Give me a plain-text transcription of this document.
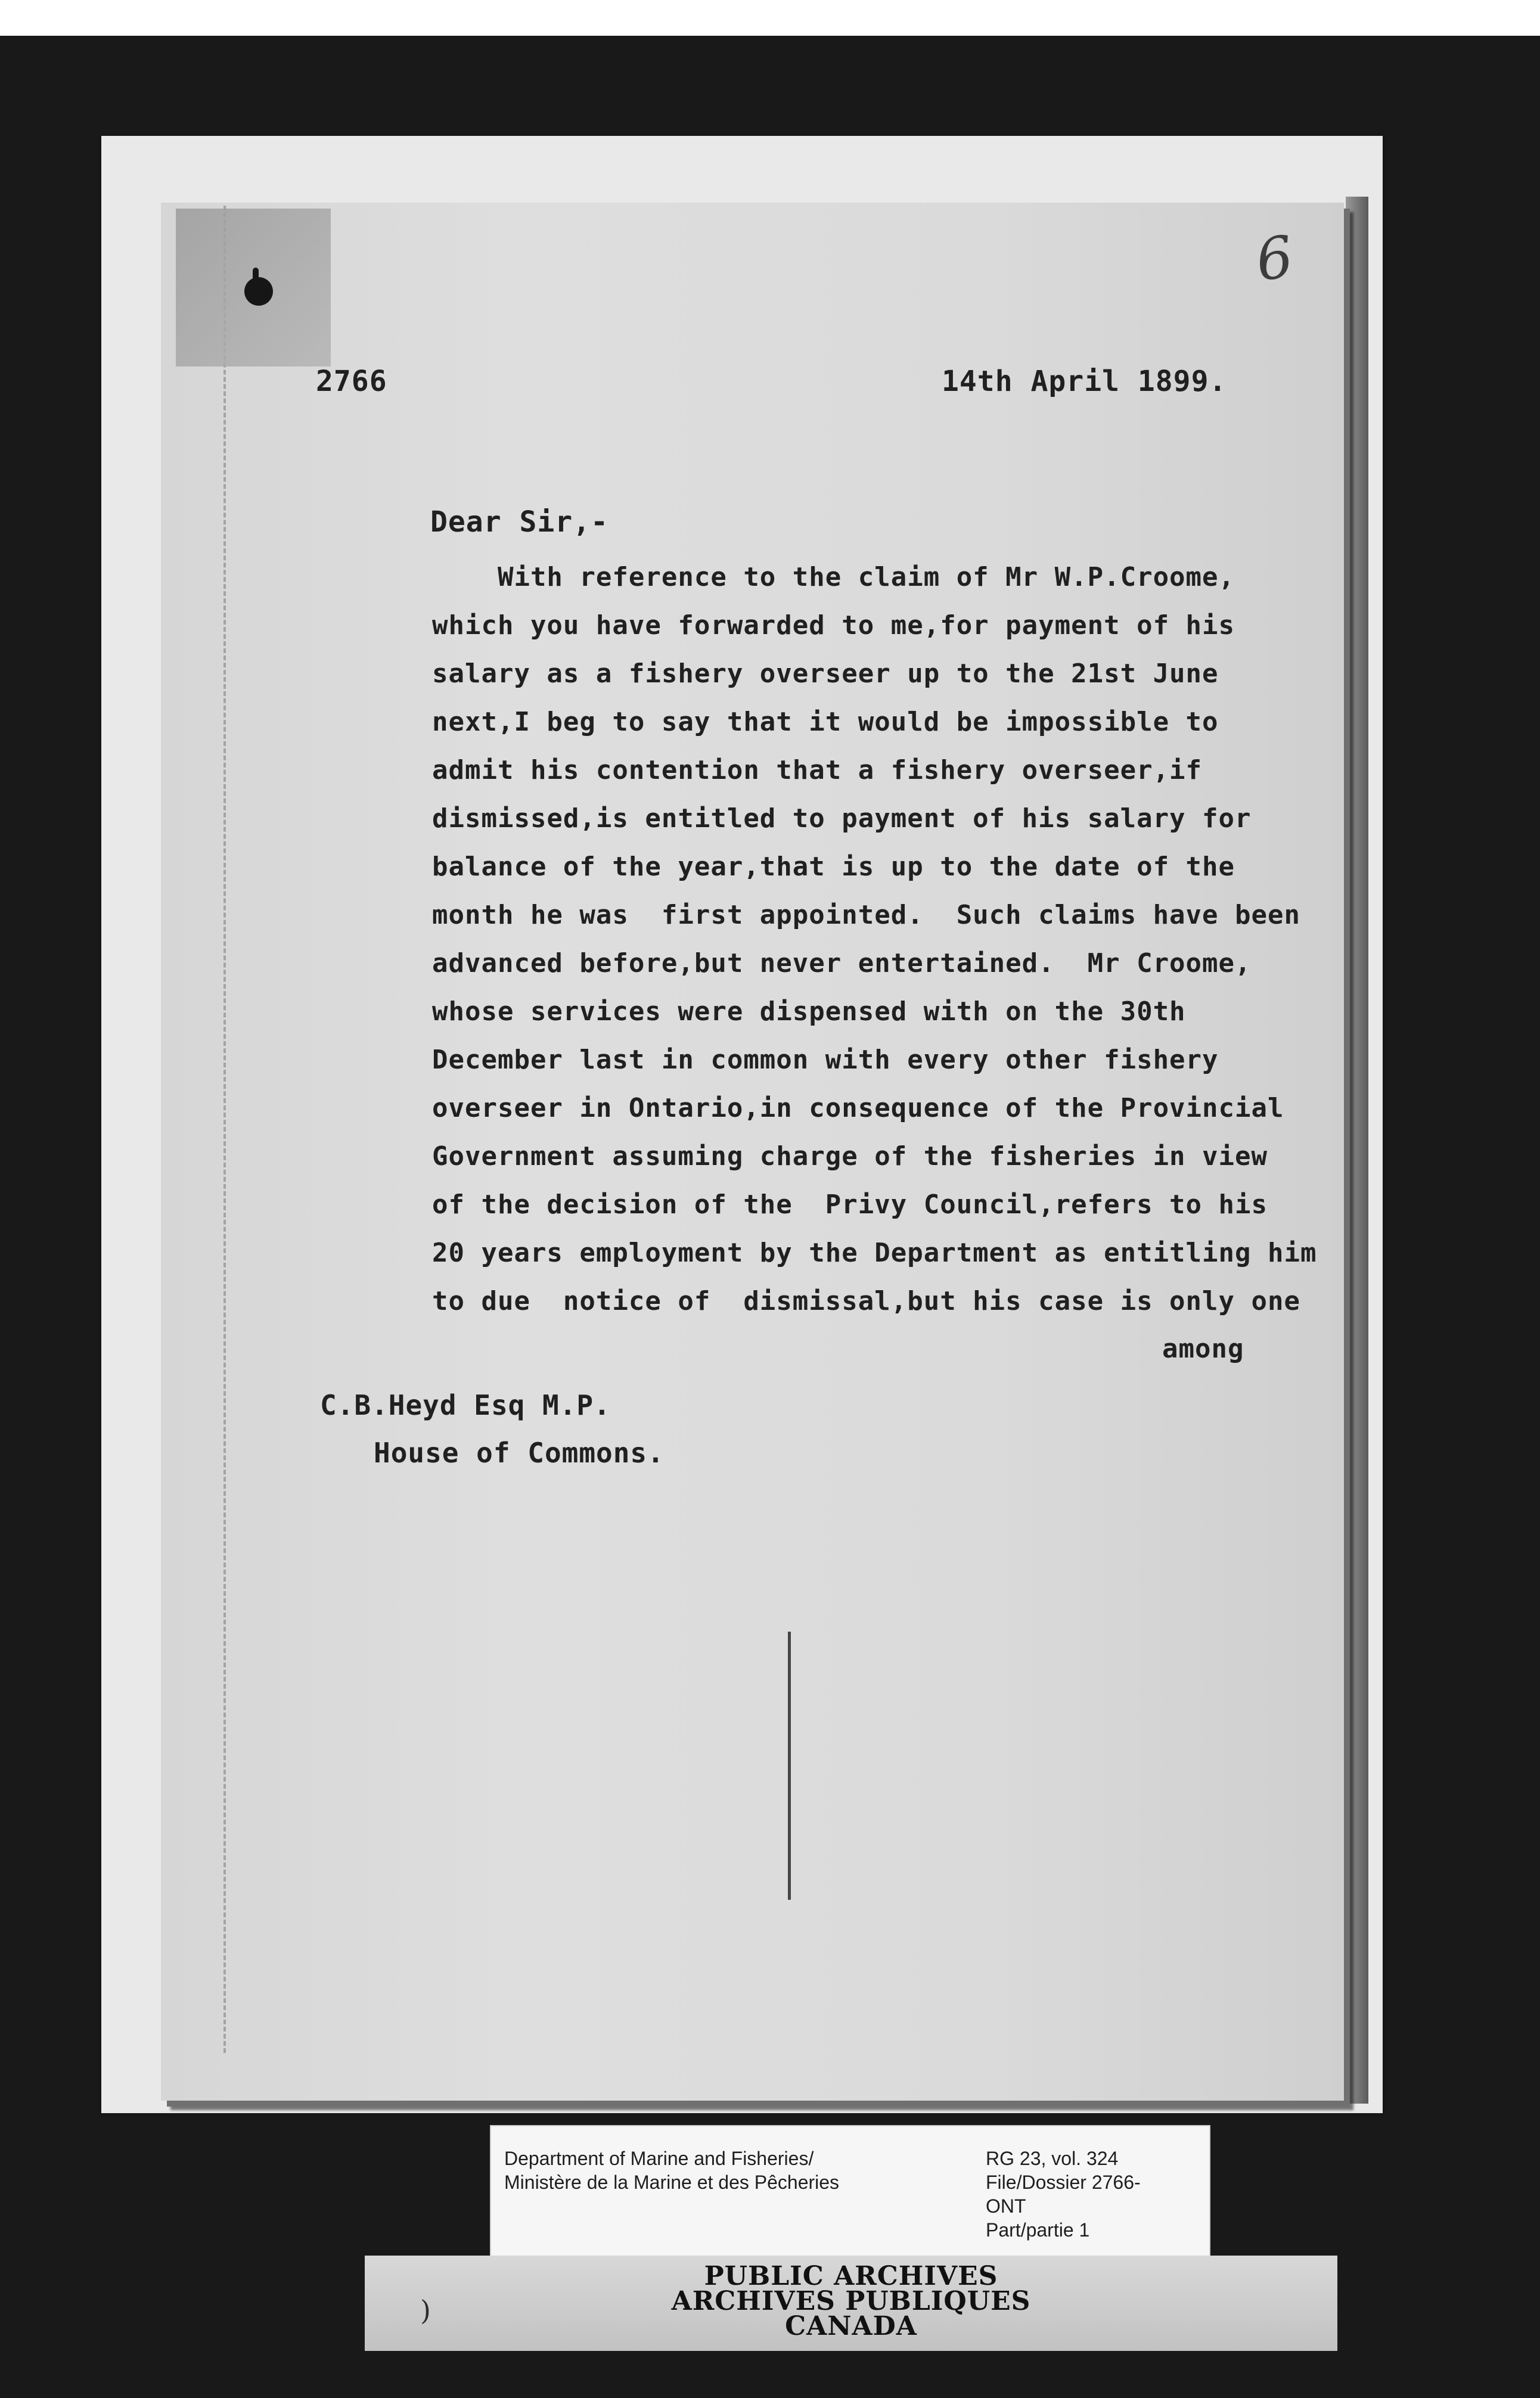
6
2766	14th April 1899.
Dear Sir,-
With reference to the claim of Mr W.P.Croome,
which you have forwarded to me,for payment of his
salary as a fishery overseer up to the 21st June
next,I beg to say that it would be impossible to
admit his contention that a fishery overseer,if
dismissed,is entitled to payment of his salary for
balance of the year,that is up to the date of the
month he was  first appointed.  Such claims have been
advanced before,but never entertained.  Mr Croome,
whose services were dispensed with on the 30th
December last in common with every other fishery
overseer in Ontario,in consequence of the Provincial
Government assuming charge of the fisheries in view
of the decision of the  Privy Council,refers to his
20 years employment by the Department as entitling him
to due  notice of  dismissal,but his case is only one
among
C.B.Heyd Esq M.P.
House of Commons.
Department of Marine and Fisheries/
Ministère de la Marine et des Pêcheries
RG 23, vol. 324
File/Dossier 2766-
ONT
Part/partie 1
PUBLIC ARCHIVES
ARCHIVES PUBLIQUES
CANADA
)
